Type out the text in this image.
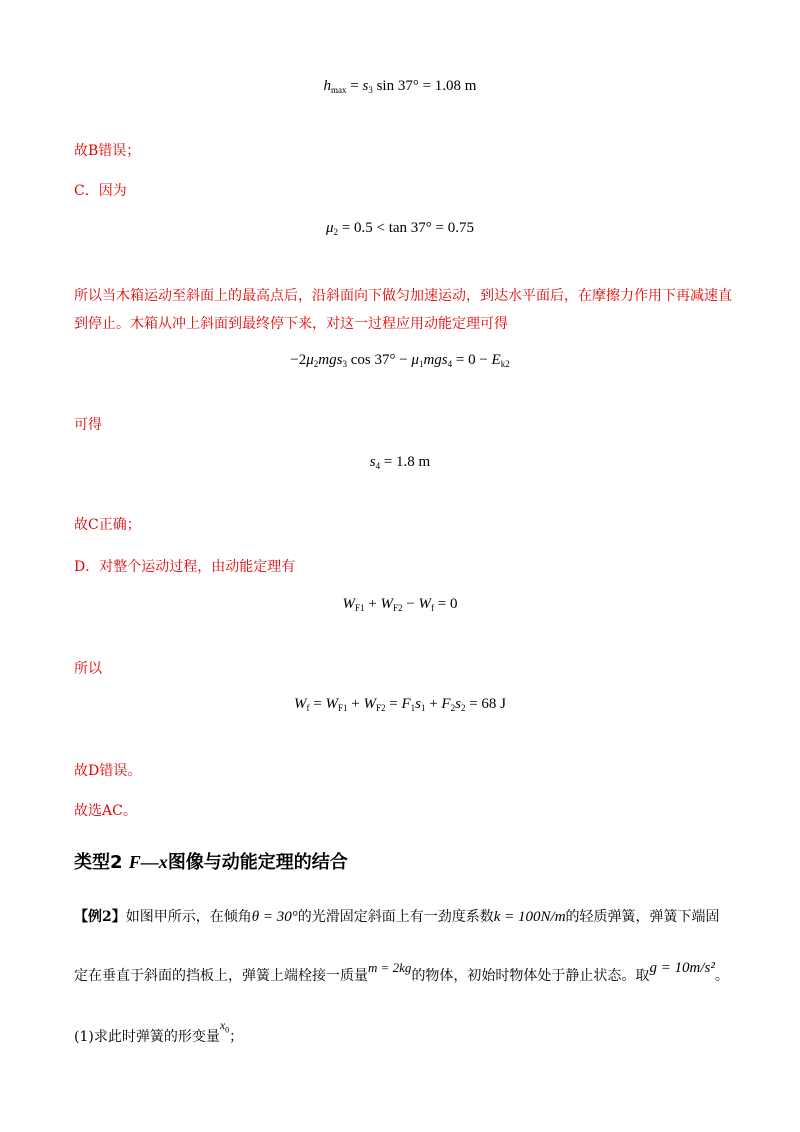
$h_{max} = s_3$ sin 37° = 1.08 m
故B错误；
C．因为
$\mu_2 = 0.5 < \tan 37^\circ = 0.75$
所以当木箱运动至斜面上的最高点后，沿斜面向下做匀加速运动，到达水平面后，在摩擦力作用下再减速直到停止。木箱从冲上斜面到最终停下来，对这一过程应用动能定理可得
$-2\mu_2mgs_3$ $\cos 37^\circ - \mu_1mgs_4 = 0 - E_{k2}$
可得
$s_4 = 1.8$ m
故C正确；
D．对整个运动过程，由动能定理有
$W_{F1} + W_{F2} - W_f = 0$
所以
$W_f = W_{F1} + W_{F2} = F_1s_1 + F_2s_2 = 68$ J
故D错误。
故选AC。
类型2 F—x图像与动能定理的结合
【例2】如图甲所示，在倾角θ = 30°的光滑固定斜面上有一劲度系数k = 100N/m的轻质弹簧，弹簧下端固
定在垂直于斜面的挡板上，弹簧上端栓接一质量m = 2kg的物体，初始时物体处于静止状态。取g = 10m/s²。
(1)求此时弹簧的形变量$x_0$；
